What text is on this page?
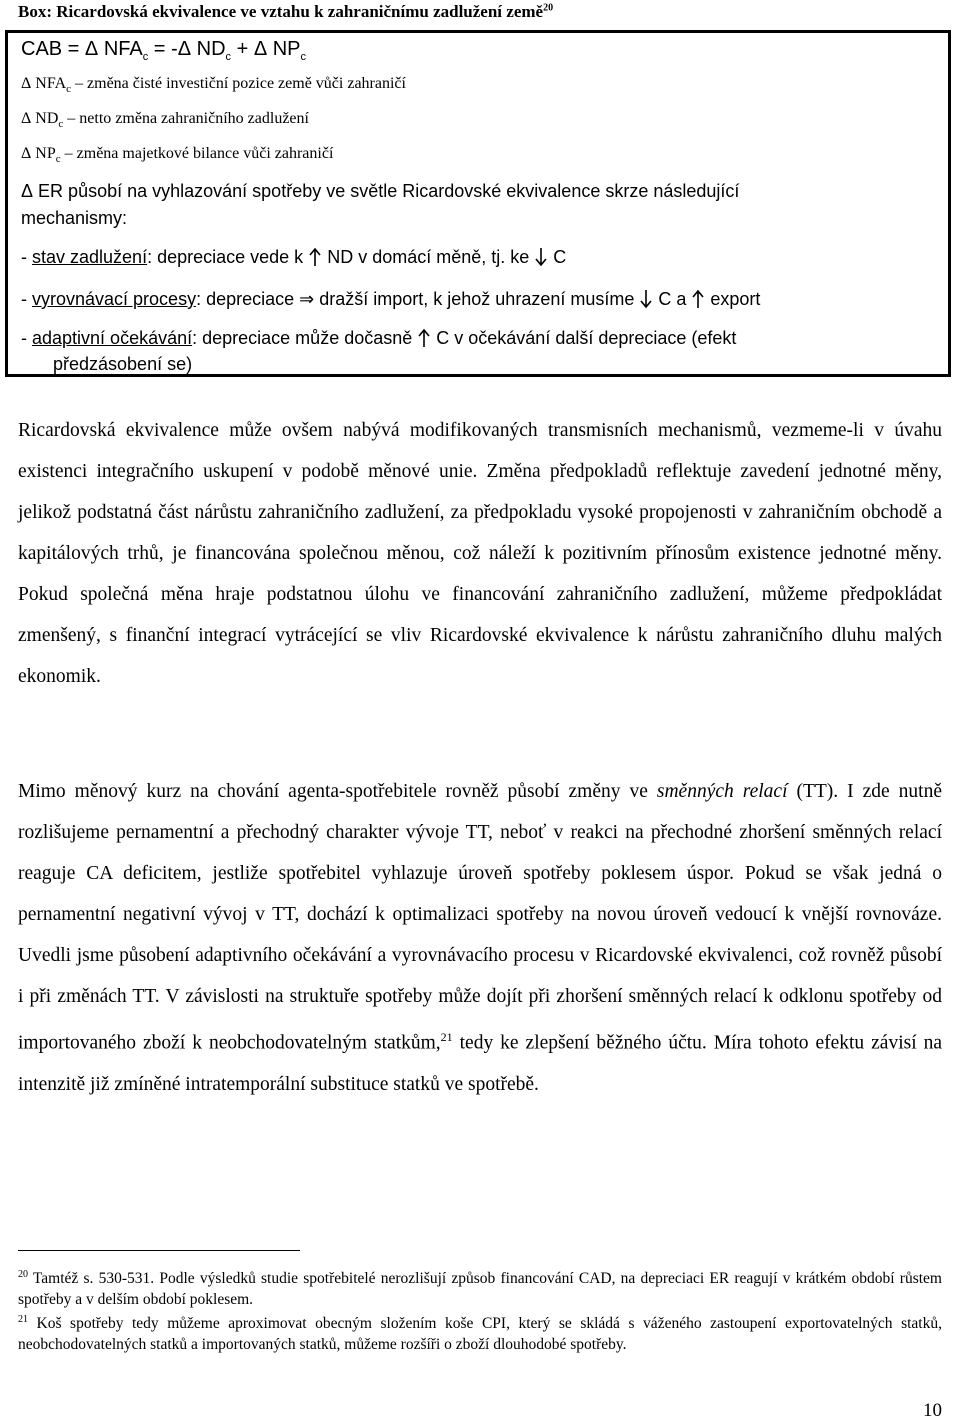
Box: Ricardovská ekvivalence ve vztahu k zahraničnímu zadlužení země$^{20}$
CAB = Δ $NFA_c = -\Delta$ $ND_c + \Delta$ $NP_c$
Δ $NFA_c$ – změna čisté investiční pozice země vůči zahraničí
Δ $ND_c$ – netto změna zahraničního zadlužení
Δ $NP_c$ – změna majetkové bilance vůči zahraničí
Δ ER působí na vyhlazování spotřeby ve světle Ricardovské ekvivalence skrze následující
mechanismy:
- stav zadlužení: depreciace vede k  ND v domácí měně, tj. ke  C
- vyrovnávací procesy: depreciace ⇒ dražší import, k jehož uhrazení musíme  C a  export
- adaptivní očekávání: depreciace může dočasně  C v očekávání další depreciace (efekt
předzásobení se)
Ricardovská ekvivalence může ovšem nabývá modifikovaných transmisních mechanismů, vezmeme-li v úvahu existenci integračního uskupení v podobě měnové unie. Změna předpokladů reflektuje zavedení jednotné měny, jelikož podstatná část nárůstu zahraničního zadlužení, za předpokladu vysoké propojenosti v zahraničním obchodě a kapitálových trhů, je financována společnou měnou, což náleží k pozitivním přínosům existence jednotné měny. Pokud společná měna hraje podstatnou úlohu ve financování zahraničního zadlužení, můžeme předpokládat zmenšený, s finanční integrací vytrácející se vliv Ricardovské ekvivalence k nárůstu zahraničního dluhu malých ekonomik.
Mimo měnový kurz na chování agenta-spotřebitele rovněž působí změny ve směnných relací (TT). I zde nutně rozlišujeme pernamentní a přechodný charakter vývoje TT, neboť v reakci na přechodné zhoršení směnných relací reaguje CA deficitem, jestliže spotřebitel vyhlazuje úroveň spotřeby poklesem úspor. Pokud se však jedná o pernamentní negativní vývoj v TT, dochází k optimalizaci spotřeby na novou úroveň vedoucí k vnější rovnováze. Uvedli jsme působení adaptivního očekávání a vyrovnávacího procesu v Ricardovské ekvivalenci, což rovněž působí i při změnách TT. V závislosti na struktuře spotřeby může dojít při zhoršení směnných relací k odklonu spotřeby od importovaného zboží k neobchodovatelným statkům,$^{21}$ tedy ke zlepšení běžného účtu. Míra tohoto efektu závisí na intenzitě již zmíněné intratemporální substituce statků ve spotřebě.
$^{20}$ Tamtéž s. 530-531. Podle výsledků studie spotřebitelé nerozlišují způsob financování CAD, na depreciaci ER reagují v krátkém období růstem spotřeby a v delším období poklesem.
$^{21}$ Koš spotřeby tedy můžeme aproximovat obecným složením koše CPI, který se skládá s váženého zastoupení exportovatelných statků, neobchodovatelných statků a importovaných statků, můžeme rozšíři o zboží dlouhodobé spotřeby.
10
